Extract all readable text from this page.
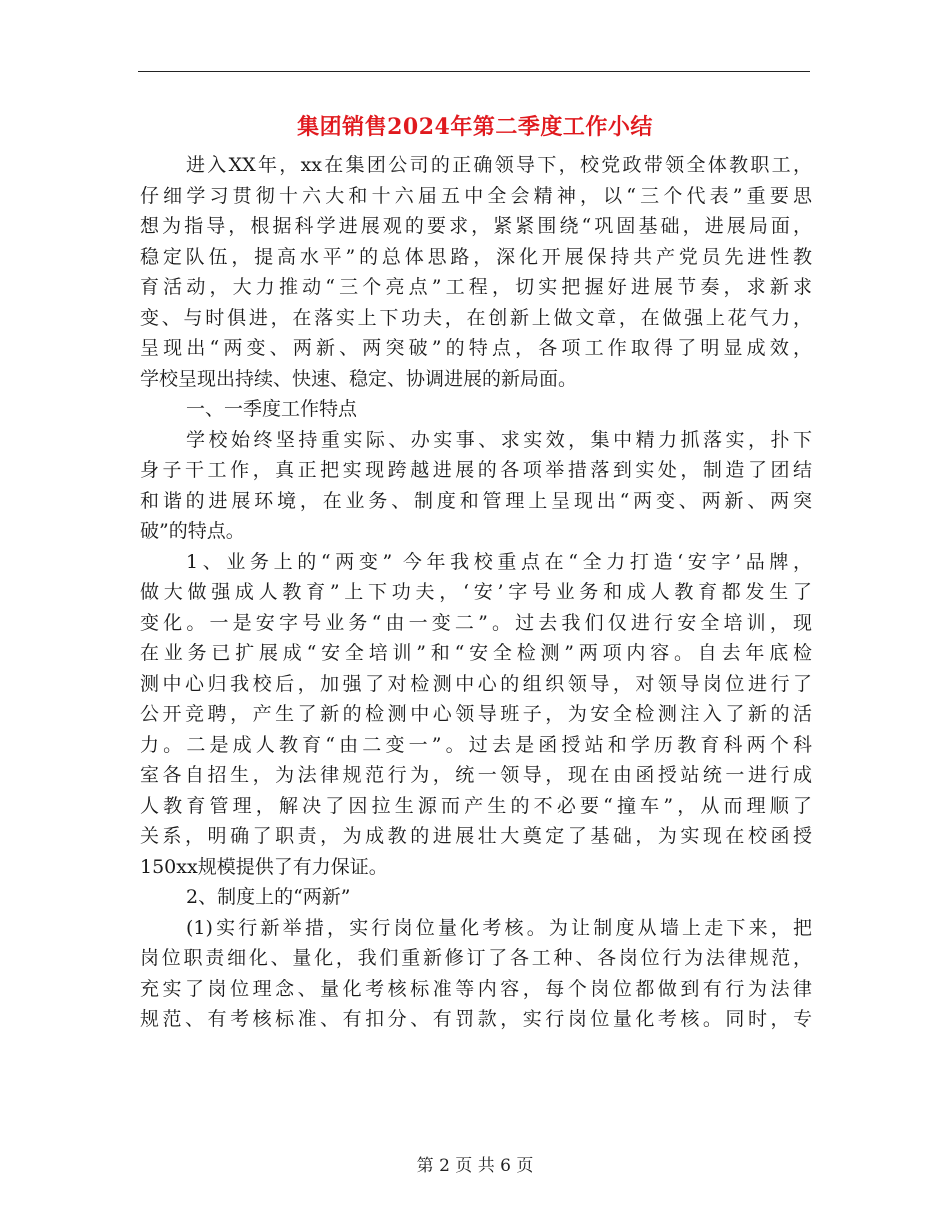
集团销售2024年第二季度工作小结
进入XX年，xx在集团公司的正确领导下，校党政带领全体教职工，
仔细学习贯彻十六大和十六届五中全会精神，以“三个代表”重要思
想为指导，根据科学进展观的要求，紧紧围绕“巩固基础，进展局面，
稳定队伍，提高水平”的总体思路，深化开展保持共产党员先进性教
育活动，大力推动“三个亮点”工程，切实把握好进展节奏，求新求
变、与时俱进，在落实上下功夫，在创新上做文章，在做强上花气力，
呈现出“两变、两新、两突破”的特点，各项工作取得了明显成效，
学校呈现出持续、快速、稳定、协调进展的新局面。
一、一季度工作特点
学校始终坚持重实际、办实事、求实效，集中精力抓落实，扑下
身子干工作，真正把实现跨越进展的各项举措落到实处，制造了团结
和谐的进展环境，在业务、制度和管理上呈现出“两变、两新、两突
破”的特点。
1、业务上的“两变” 今年我校重点在“全力打造‘安字’品牌，
做大做强成人教育”上下功夫，‘安’字号业务和成人教育都发生了
变化。一是安字号业务“由一变二”。过去我们仅进行安全培训，现
在业务已扩展成“安全培训”和“安全检测”两项内容。自去年底检
测中心归我校后，加强了对检测中心的组织领导，对领导岗位进行了
公开竞聘，产生了新的检测中心领导班子，为安全检测注入了新的活
力。二是成人教育“由二变一”。过去是函授站和学历教育科两个科
室各自招生，为法律规范行为，统一领导，现在由函授站统一进行成
人教育管理，解决了因拉生源而产生的不必要“撞车”，从而理顺了
关系，明确了职责，为成教的进展壮大奠定了基础，为实现在校函授
150xx规模提供了有力保证。
2、制度上的“两新”
(1)实行新举措，实行岗位量化考核。为让制度从墙上走下来，把
岗位职责细化、量化，我们重新修订了各工种、各岗位行为法律规范，
充实了岗位理念、量化考核标准等内容，每个岗位都做到有行为法律
规范、有考核标准、有扣分、有罚款，实行岗位量化考核。同时，专
第 2 页 共 6 页
